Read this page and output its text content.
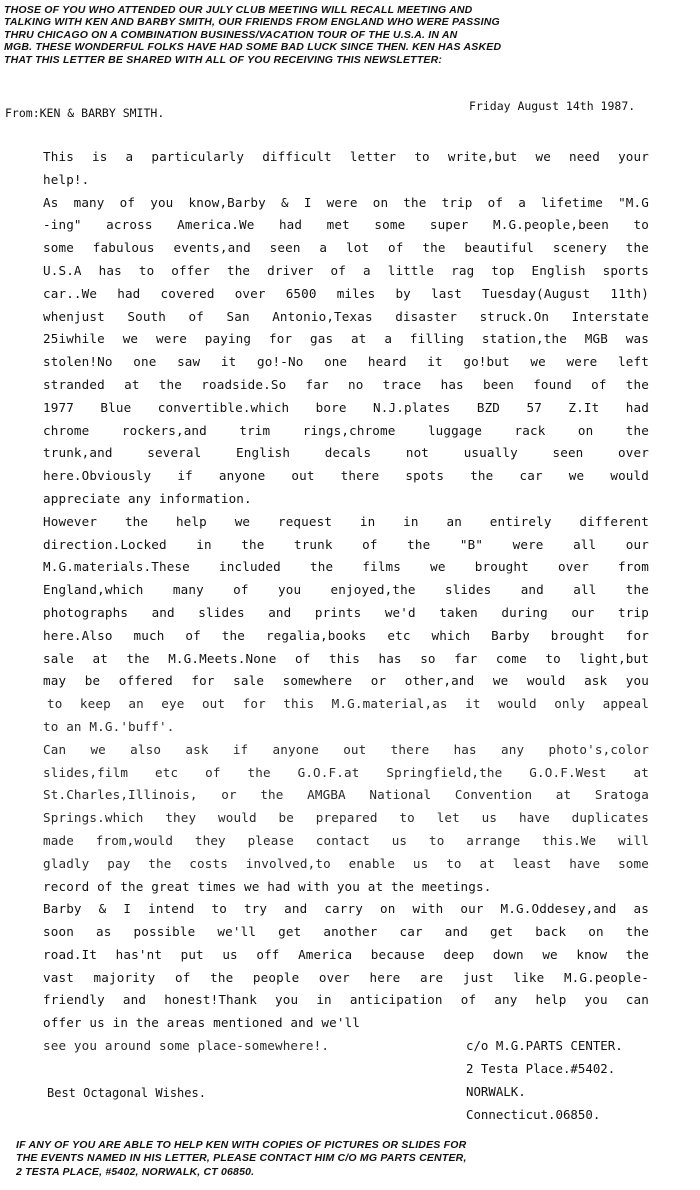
THOSE OF YOU WHO ATTENDED OUR JULY CLUB MEETING WILL RECALL MEETING AND
TALKING WITH KEN AND BARBY SMITH, OUR FRIENDS FROM ENGLAND WHO WERE PASSING
THRU CHICAGO ON A COMBINATION BUSINESS/VACATION TOUR OF THE U.S.A. IN AN
MGB. THESE WONDERFUL FOLKS HAVE HAD SOME BAD LUCK SINCE THEN. KEN HAS ASKED
THAT THIS LETTER BE SHARED WITH ALL OF YOU RECEIVING THIS NEWSLETTER:
From:KEN & BARBY SMITH.	Friday August 14th 1987.
This is a particularly difficult letter to write,but we need your
help!.
As many of you know,Barby & I were on the trip of a lifetime "M.G
-ing" across America.We had met some super M.G.people,been to
some fabulous events,and seen a lot of the beautiful scenery the
U.S.A has to offer the driver of a little rag top English sports
car..We had covered over 6500 miles by last Tuesday(August 11th)
whenjust South of San Antonio,Texas disaster struck.On Interstate
25iwhile we were paying for gas at a filling station,the MGB was
stolen!No one saw it go!-No one heard it go!but we were left
stranded at the roadside.So far no trace has been found of the
1977 Blue convertible.which bore N.J.plates BZD 57 Z.It had
chrome rockers,and trim rings,chrome luggage rack on the
trunk,and several English decals not usually seen over
here.Obviously if anyone out there spots the car we would
appreciate any information.
However the help we request in in an entirely different
direction.Locked in the trunk of the "B" were all our
M.G.materials.These included the films we brought over from
England,which many of you enjoyed,the slides and all the
photographs and slides and prints we'd taken during our trip
here.Also much of the regalia,books etc which Barby brought for
sale at the M.G.Meets.None of this has so far come to light,but
may be offered for sale somewhere or other,and we would ask you
to keep an eye out for this M.G.material,as it would only appeal
to an M.G.'buff'.
Can we also ask if anyone out there has any photo's,color
slides,film etc of the G.O.F.at Springfield,the G.O.F.West at
St.Charles,Illinois, or the AMGBA National Convention at Sratoga
Springs.which they would be prepared to let us have duplicates
made from,would they please contact us to arrange this.We will
gladly pay the costs involved,to enable us to at least have some
record of the great times we had with you at the meetings.
Barby & I intend to try and carry on with our M.G.Oddesey,and as
soon as possible we'll get another car and get back on the
road.It has'nt put us off America because deep down we know the
vast majority of the people over here are just like M.G.people-
friendly and honest!Thank you in anticipation of any help you can
offer us in the areas mentioned and we'll
see you around some place-somewhere!.	c/o M.G.PARTS CENTER.
2 Testa Place.#5402.
NORWALK.
Connecticut.06850.
Best Octagonal Wishes.
IF ANY OF YOU ARE ABLE TO HELP KEN WITH COPIES OF PICTURES OR SLIDES FOR
THE EVENTS NAMED IN HIS LETTER, PLEASE CONTACT HIM C/O MG PARTS CENTER,
2 TESTA PLACE, #5402, NORWALK, CT 06850.
